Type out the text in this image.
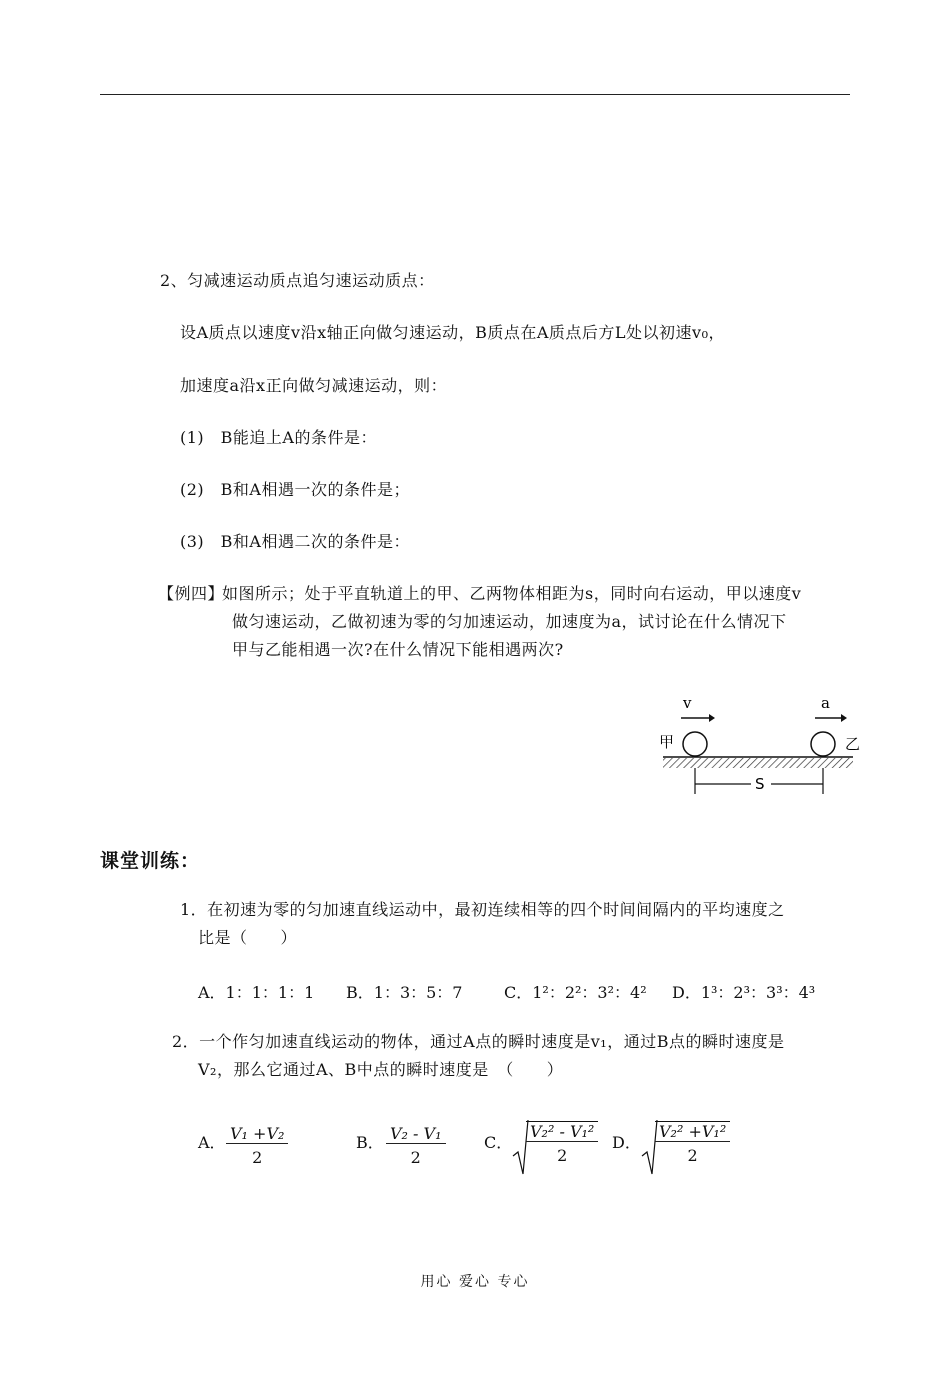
2、匀减速运动质点追匀速运动质点：
设A质点以速度v沿x轴正向做匀速运动，B质点在A质点后方L处以初速v₀，
加速度a沿x正向做匀减速运动，则：
(1)　B能追上A的条件是：
(2)　B和A相遇一次的条件是；
(3)　B和A相遇二次的条件是：
【例四】
如图所示；处于平直轨道上的甲、乙两物体相距为s，同时向右运动，甲以速度v
做匀速运动，乙做初速为零的匀加速运动，加速度为a，试讨论在什么情况下
甲与乙能相遇一次?在什么情况下能相遇两次?
v	a
甲	乙
S
课堂训练：
1．在初速为零的匀加速直线运动中，最初连续相等的四个时间间隔内的平均速度之
比是（　　）
A．1：1：1：1 B．1：3：5：7	C．1²：2²：3²：4² D．1³：2³：3³：4³
2．一个作匀加速直线运动的物体，通过A点的瞬时速度是v₁，通过B点的瞬时速度是
V₂，那么它通过A、B中点的瞬时速度是　（　　）
A． $\frac{\text{V₁ +V₂}}{2}$	B． $\frac{\text{V₂ - V₁}}{2}$ C． $\frac{\text{V₂² - V₁²}}{2}$ D． $\frac{\text{V₂² +V₁²}}{2}$
用心 爱心 专心
